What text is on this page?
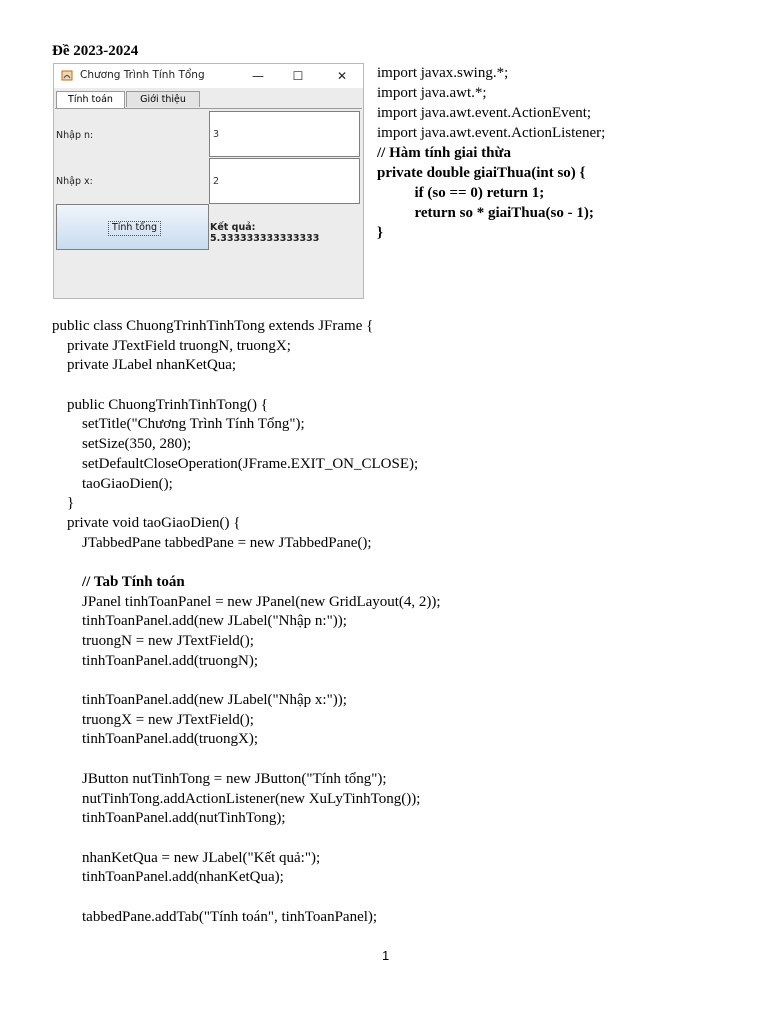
Đề 2023-2024
Chương Trình Tính Tổng	—	☐	✕
Tính toán	Giới thiệu
Nhập n:	3
Nhập x:	2
Tính tổng	Kết quả: 5.333333333333333
import javax.swing.*;
import java.awt.*;
import java.awt.event.ActionEvent;
import java.awt.event.ActionListener;
// Hàm tính giai thừa
private double giaiThua(int so) {
if (so == 0) return 1;
return so * giaiThua(so - 1);
}
public class ChuongTrinhTinhTong extends JFrame {
private JTextField truongN, truongX;
private JLabel nhanKetQua;
public ChuongTrinhTinhTong() {
setTitle("Chương Trình Tính Tổng");
setSize(350, 280);
setDefaultCloseOperation(JFrame.EXIT_ON_CLOSE);
taoGiaoDien();
}
private void taoGiaoDien() {
JTabbedPane tabbedPane = new JTabbedPane();
// Tab Tính toán
JPanel tinhToanPanel = new JPanel(new GridLayout(4, 2));
tinhToanPanel.add(new JLabel("Nhập n:"));
truongN = new JTextField();
tinhToanPanel.add(truongN);
tinhToanPanel.add(new JLabel("Nhập x:"));
truongX = new JTextField();
tinhToanPanel.add(truongX);
JButton nutTinhTong = new JButton("Tính tổng");
nutTinhTong.addActionListener(new XuLyTinhTong());
tinhToanPanel.add(nutTinhTong);
nhanKetQua = new JLabel("Kết quả:");
tinhToanPanel.add(nhanKetQua);
tabbedPane.addTab("Tính toán", tinhToanPanel);
1
